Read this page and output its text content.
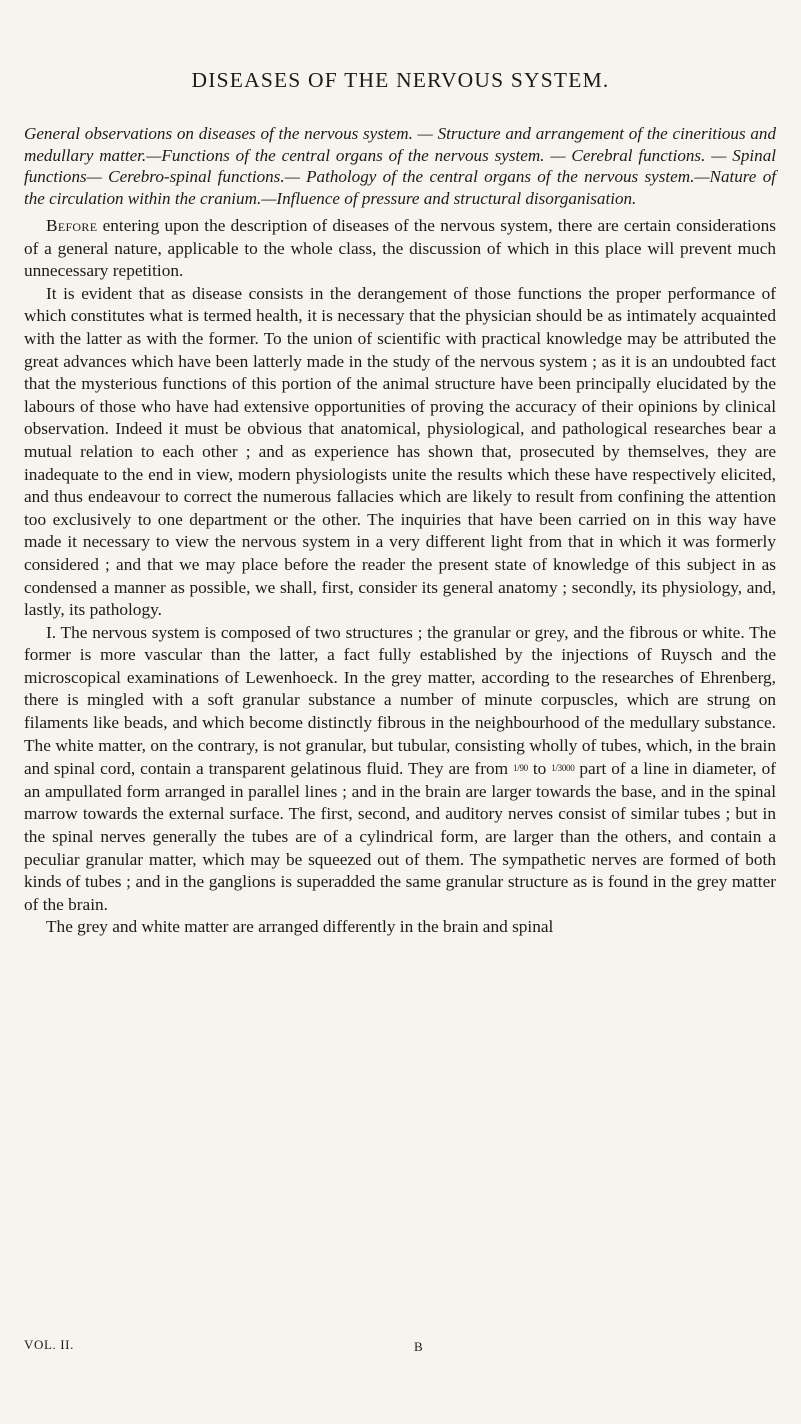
DISEASES OF THE NERVOUS SYSTEM.

General observations on diseases of the nervous system. — Structure and arrangement of the cineritious and medullary matter.—Functions of the central organs of the nervous system. — Cerebral functions. — Spinal functions— Cerebro-spinal functions.— Pathology of the central organs of the nervous system.—Nature of the circulation within the cranium.—Influence of pressure and structural disorganisation.

Before entering upon the description of diseases of the nervous system, there are certain considerations of a general nature, applicable to the whole class, the discussion of which in this place will prevent much unnecessary repetition.

It is evident that as disease consists in the derangement of those functions the proper performance of which constitutes what is termed health, it is necessary that the physician should be as intimately acquainted with the latter as with the former. To the union of scientific with practical knowledge may be attributed the great advances which have been latterly made in the study of the nervous system ; as it is an undoubted fact that the mysterious functions of this portion of the animal structure have been principally elucidated by the labours of those who have had extensive opportunities of proving the accuracy of their opinions by clinical observation. Indeed it must be obvious that anatomical, physiological, and pathological researches bear a mutual relation to each other ; and as experience has shown that, prosecuted by themselves, they are inadequate to the end in view, modern physiologists unite the results which these have respectively elicited, and thus endeavour to correct the numerous fallacies which are likely to result from confining the attention too exclusively to one department or the other. The inquiries that have been carried on in this way have made it necessary to view the nervous system in a very different light from that in which it was formerly considered ; and that we may place before the reader the present state of knowledge of this subject in as condensed a manner as possible, we shall, first, consider its general anatomy ; secondly, its physiology, and, lastly, its pathology.

I. The nervous system is composed of two structures ; the granular or grey, and the fibrous or white. The former is more vascular than the latter, a fact fully established by the injections of Ruysch and the microscopical examinations of Lewenhoeck. In the grey matter, according to the researches of Ehrenberg, there is mingled with a soft granular substance a number of minute corpuscles, which are strung on filaments like beads, and which become distinctly fibrous in the neighbourhood of the medullary substance. The white matter, on the contrary, is not granular, but tubular, consisting wholly of tubes, which, in the brain and spinal cord, contain a transparent gelatinous fluid. They are from 1/90 to 1/3000 part of a line in diameter, of an ampullated form arranged in parallel lines ; and in the brain are larger towards the base, and in the spinal marrow towards the external surface. The first, second, and auditory nerves consist of similar tubes ; but in the spinal nerves generally the tubes are of a cylindrical form, are larger than the others, and contain a peculiar granular matter, which may be squeezed out of them. The sympathetic nerves are formed of both kinds of tubes ; and in the ganglions is superadded the same granular structure as is found in the grey matter of the brain.

The grey and white matter are arranged differently in the brain and spinal

VOL. II.	B
